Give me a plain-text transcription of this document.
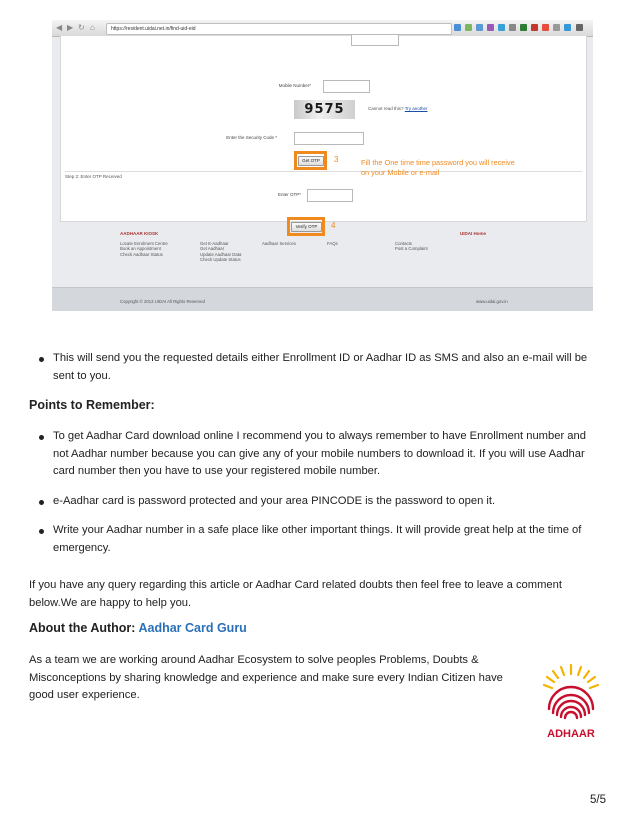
◀ ▶ ↻ ⌂	https://resident.uidai.net.in/find-uid-eid
Mobile Number*
9575	Cannot read this? Try another
Enter the Security Code *
Get OTP	3
Step 2: Enter OTP Received
Enter OTP*
Verify OTP	4
Fill the One time time password you will receive on your Mobile or e-mail
AADHAAR KIOSK	UIDAI Home
Locate Enrolment Centre
Book an Appointment
Check Aadhaar Status
Get E-Aadhaar
Get Aadhaar
Update Aadhaar Data
Check Update Status
Aadhaar Services	FAQs	Contacts
Post a Complaint
Copyright © 2013 UIDAI All Rights Reserved	www.uidai.gov.in
This will send you the requested details either Enrollment ID or Aadhar ID as SMS and also an e-mail will be sent to you.
Points to Remember:
To get Aadhar Card download online I recommend you to always remember to have Enrollment number and not Aadhar number because you can give any of your mobile numbers to download it. If you will use Aadhar card number then you have to use your registered mobile number.
e-Aadhar card is password protected and your area PINCODE is the password to open it.
Write your Aadhar number in a safe place like other important things. It will provide great help at the time of emergency.

If you have any query regarding this article or Aadhar Card related doubts then feel free to leave a comment below.We are happy to help you.

About the Author: Aadhar Card Guru

As a team we are working around Aadhar Ecosystem to solve peoples Problems, Doubts & Misconceptions by sharing knowledge and experience and make sure every Indian Citizen have good user experience.

ADHAAR
5/5
